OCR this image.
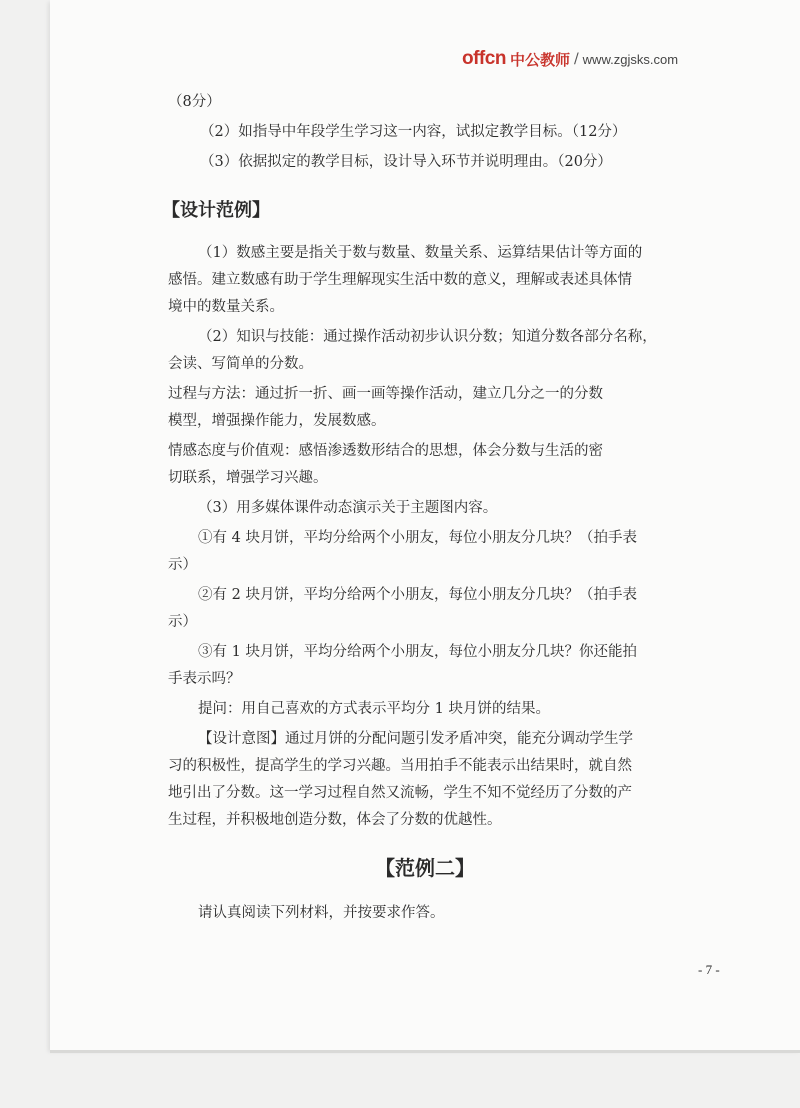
offcn 中公教师 / www.zgjsks.com
（8分）
（2）如指导中年段学生学习这一内容，试拟定教学目标。（12分）
（3）依据拟定的教学目标，设计导入环节并说明理由。（20分）
【设计范例】
（1）数感主要是指关于数与数量、数量关系、运算结果估计等方面的
感悟。建立数感有助于学生理解现实生活中数的意义，理解或表述具体情
境中的数量关系。
（2）知识与技能：通过操作活动初步认识分数；知道分数各部分名称，
会读、写简单的分数。
过程与方法：通过折一折、画一画等操作活动，建立几分之一的分数
模型，增强操作能力，发展数感。
情感态度与价值观：感悟渗透数形结合的思想，体会分数与生活的密
切联系，增强学习兴趣。
（3）用多媒体课件动态演示关于主题图内容。
①有 4 块月饼，平均分给两个小朋友，每位小朋友分几块？（拍手表
示）
②有 2 块月饼，平均分给两个小朋友，每位小朋友分几块？（拍手表
示）
③有 1 块月饼，平均分给两个小朋友，每位小朋友分几块？你还能拍
手表示吗？
提问：用自己喜欢的方式表示平均分 1 块月饼的结果。
【设计意图】通过月饼的分配问题引发矛盾冲突，能充分调动学生学
习的积极性，提高学生的学习兴趣。当用拍手不能表示出结果时，就自然
地引出了分数。这一学习过程自然又流畅，学生不知不觉经历了分数的产
生过程，并积极地创造分数，体会了分数的优越性。
【范例二】
请认真阅读下列材料，并按要求作答。
- 7 -
